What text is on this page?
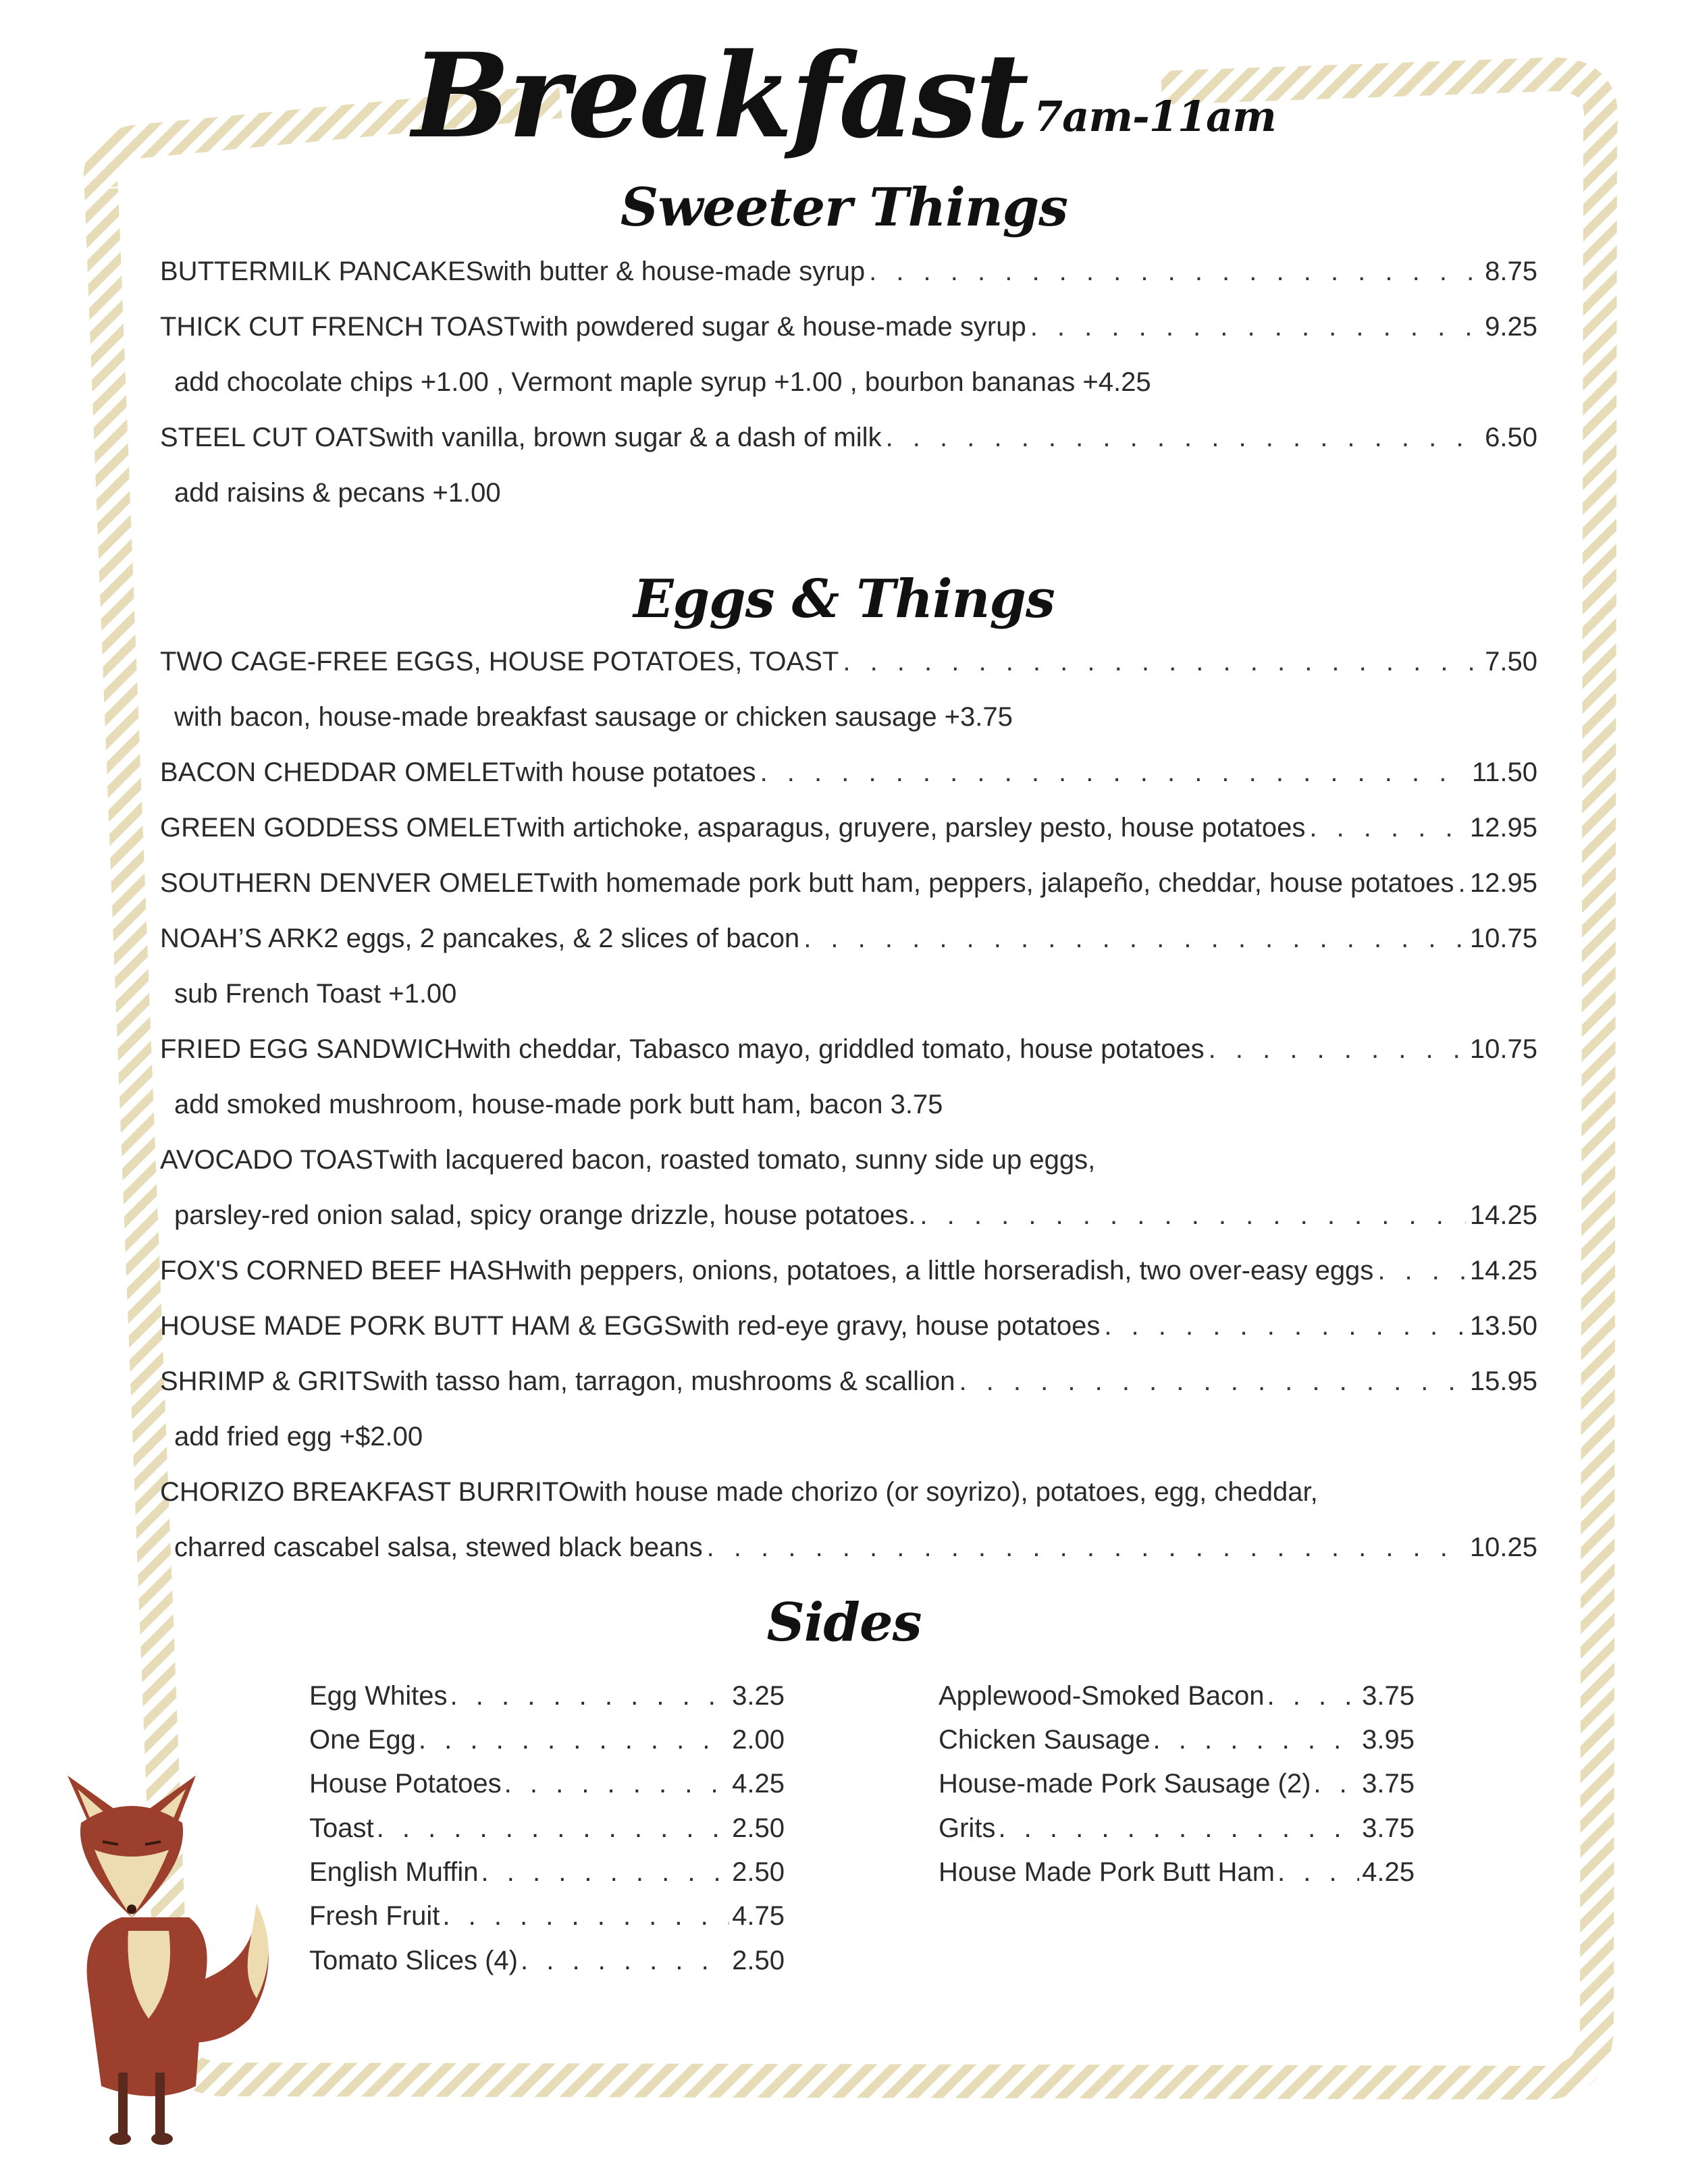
Breakfast 7am-11am
Sweeter Things
Eggs & Things
Sides
BUTTERMILK PANCAKES with butter & house-made syrup . . .	8.75
THICK CUT FRENCH TOAST with powdered sugar & house-made syrup . . .	9.25
add chocolate chips +1.00 , Vermont maple syrup +1.00 , bourbon bananas +4.25
STEEL CUT OATS with vanilla, brown sugar & a dash of milk . . .	6.50
add raisins & pecans +1.00
TWO CAGE-FREE EGGS, HOUSE POTATOES, TOAST . . .	7.50
with bacon, house-made breakfast sausage or chicken sausage +3.75
BACON CHEDDAR OMELET with house potatoes . . .	11.50
GREEN GODDESS OMELET with artichoke, asparagus, gruyere, parsley pesto, house potatoes . . .	12.95
SOUTHERN DENVER OMELET with homemade pork butt ham, peppers, jalapeño, cheddar, house potatoes . . . 12.95
NOAH’S ARK 2 eggs, 2 pancakes, & 2 slices of bacon . . .	10.75
sub French Toast +1.00
FRIED EGG SANDWICH with cheddar, Tabasco mayo, griddled tomato, house potatoes . . .	10.75
add smoked mushroom, house-made pork butt ham, bacon 3.75
AVOCADO TOAST with lacquered bacon, roasted tomato, sunny side up eggs,
parsley-red onion salad, spicy orange drizzle, house potatoes. . . .	14.25
FOX'S CORNED BEEF HASH with peppers, onions, potatoes, a little horseradish, two over-easy eggs . . .	14.25
HOUSE MADE PORK BUTT HAM & EGGS with red-eye gravy, house potatoes . . .	13.50
SHRIMP & GRITS with tasso ham, tarragon, mushrooms & scallion . . .	15.95
add fried egg +$2.00
CHORIZO BREAKFAST BURRITO with house made chorizo (or soyrizo), potatoes, egg, cheddar,
charred cascabel salsa, stewed black beans . . .	10.25
Egg Whites . . .	3.25
One Egg . . .	2.00
House Potatoes . . .	4.25
Toast . . .	2.50
English Muffin . . .	2.50
Fresh Fruit . . .	4.75
Tomato Slices (4) . . .	2.50
Applewood-Smoked Bacon . . .	3.75
Chicken Sausage . . .	3.95
House-made Pork Sausage (2) . . . 3.75
Grits . . .	3.75
House Made Pork Butt Ham . . .	4.25
